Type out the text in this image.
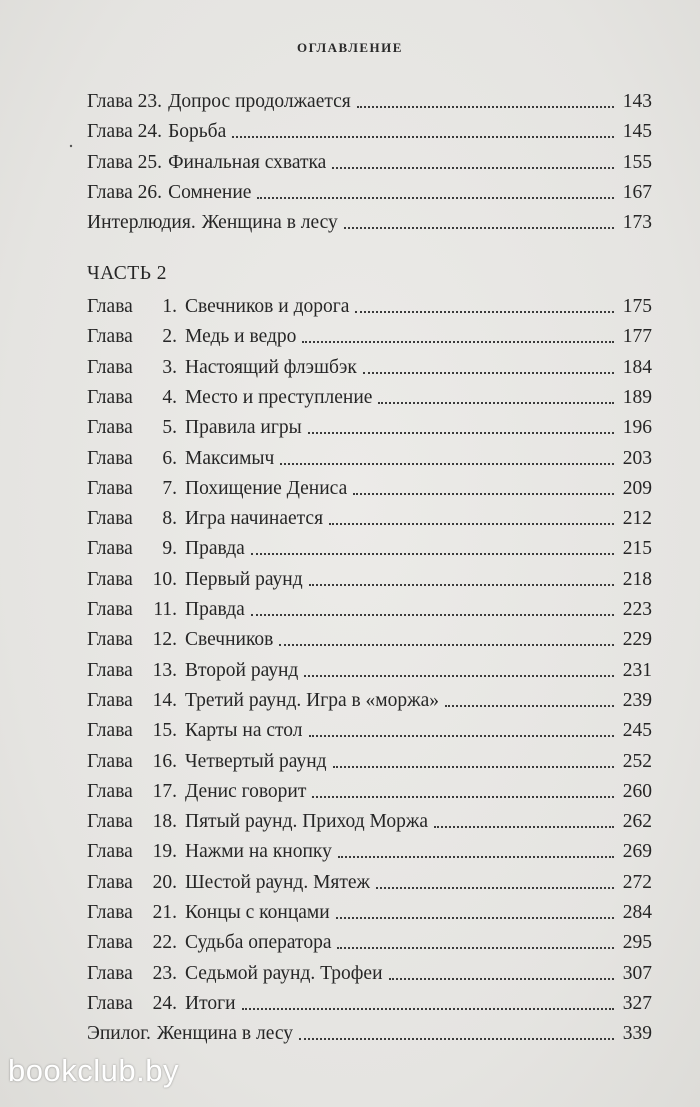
оглавление
Глава 23. Допрос продолжается	143
Глава 24. Борьба	145
Глава 25. Финальная схватка	155
Глава 26. Сомнение	167
Интерлюдия. Женщина в лесу	173
ЧАСТЬ 2
Глава	1. Свечников и дорога	175
Глава	2. Медь и ведро	177
Глава	3. Настоящий флэшбэк	184
Глава	4. Место и преступление	189
Глава	5. Правила игры	196
Глава	6. Максимыч	203
Глава	7. Похищение Дениса	209
Глава	8. Игра начинается	212
Глава	9. Правда	215
Глава	10. Первый раунд	218
Глава	11. Правда	223
Глава	12. Свечников	229
Глава	13. Второй раунд	231
Глава	14. Третий раунд. Игра в «моржа»	239
Глава	15. Карты на стол	245
Глава	16. Четвертый раунд	252
Глава	17. Денис говорит	260
Глава	18. Пятый раунд. Приход Моржа	262
Глава	19. Нажми на кнопку	269
Глава	20. Шестой раунд. Мятеж	272
Глава	21. Концы с концами	284
Глава	22. Судьба оператора	295
Глава	23. Седьмой раунд. Трофеи	307
Глава	24. Итоги	327
Эпилог. Женщина в лесу	339
bookclub.by
